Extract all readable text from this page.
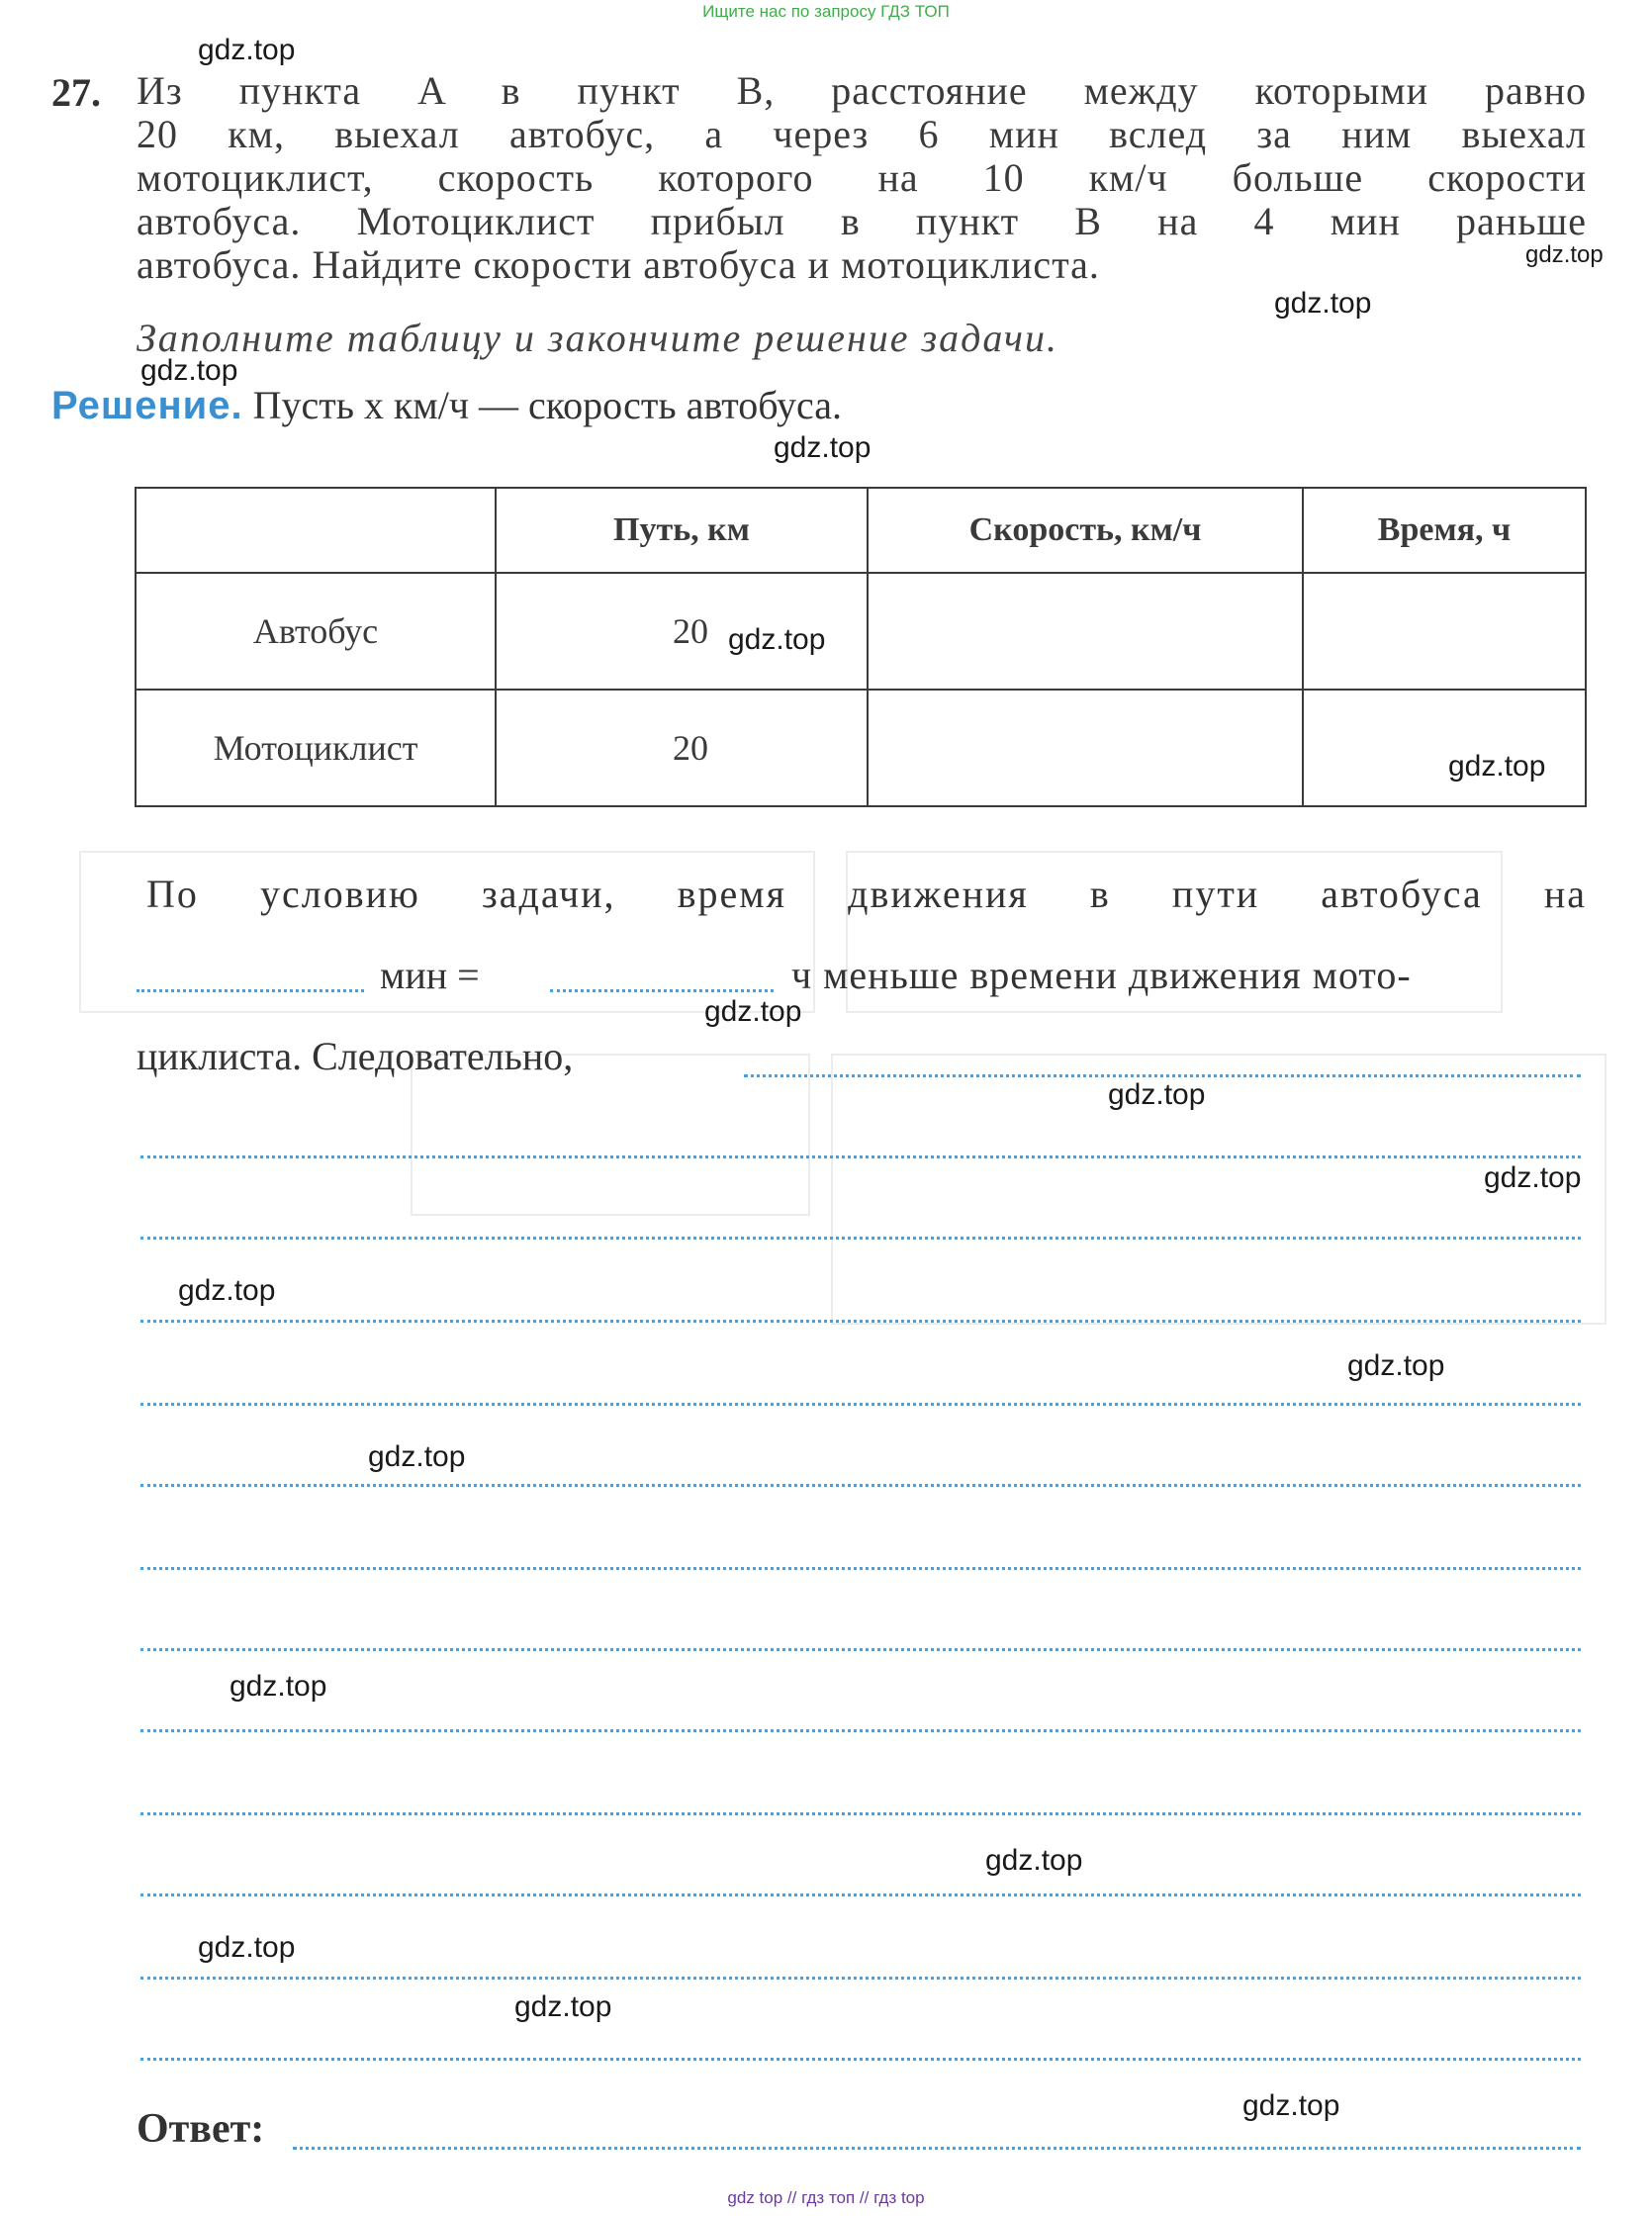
Ищите нас по запросу ГДЗ ТОП
27. Из пункта A в пункт B, расстояние между которыми равно
20 км, выехал автобус, а через 6 мин вслед за ним выехал
мотоциклист, скорость которого на 10 км/ч больше скорости
автобуса. Мотоциклист прибыл в пункт B на 4 мин раньше
автобуса. Найдите скорости автобуса и мотоциклиста.
Заполните таблицу и закончите решение задачи.
Решение. Пусть x км/ч — скорость автобуса.
	Путь, км	Скорость, км/ч	Время, ч
Автобус	20		
Мотоциклист	20		
По условию задачи, время движения в пути автобуса на
мин =	ч меньше времени движения мото-
циклиста. Следовательно,
Ответ:
gdz.top
gdz.top
gdz.top
gdz.top
gdz.top
gdz.top
gdz.top
gdz.top
gdz.top
gdz.top
gdz.top
gdz.top
gdz.top
gdz.top
gdz.top
gdz.top
gdz.top
gdz.top
gdz top // гдз топ // гдз top
